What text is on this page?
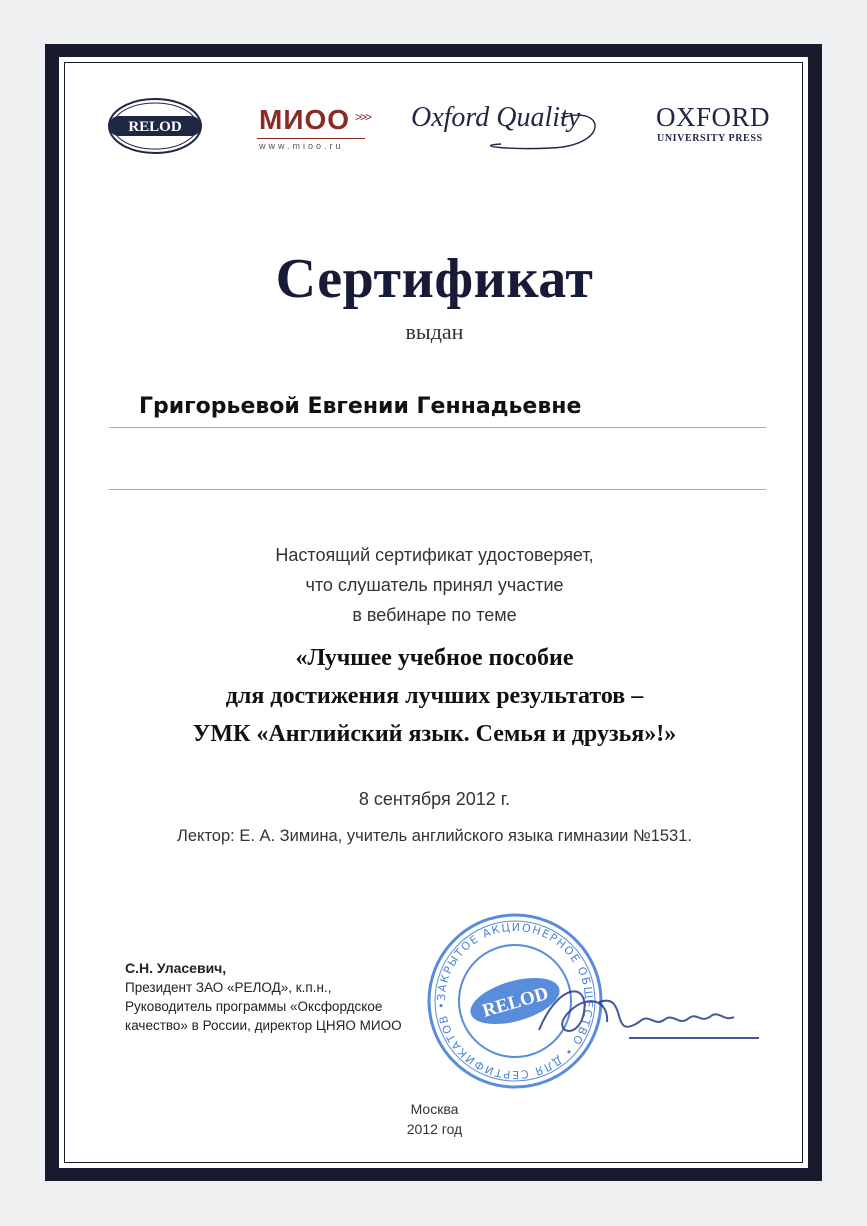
RELOD	МИОО >>>
www.mioo.ru
Oxford Quality	OXFORD
UNIVERSITY PRESS
Сертификат
выдан
Григорьевой Евгении Геннадьевне
Настоящий сертификат удостоверяет,
что слушатель принял участие
в вебинаре по теме
«Лучшее учебное пособие
для достижения лучших результатов –
УМК «Английский язык. Семья и друзья»!»
8 сентября 2012 г.
Лектор: Е. А. Зимина, учитель английского языка гимназии №1531.
С.Н. Уласевич,
Президент ЗАО «РЕЛОД», к.п.н.,
Руководитель программы «Оксфордское
качество» в России, директор ЦНЯО МИОО
ЗАКРЫТОЕ АКЦИОНЕРНОЕ ОБЩЕСТВО • ДЛЯ СЕРТИФИКАТОВ •	RELOD
Москва
2012 год
